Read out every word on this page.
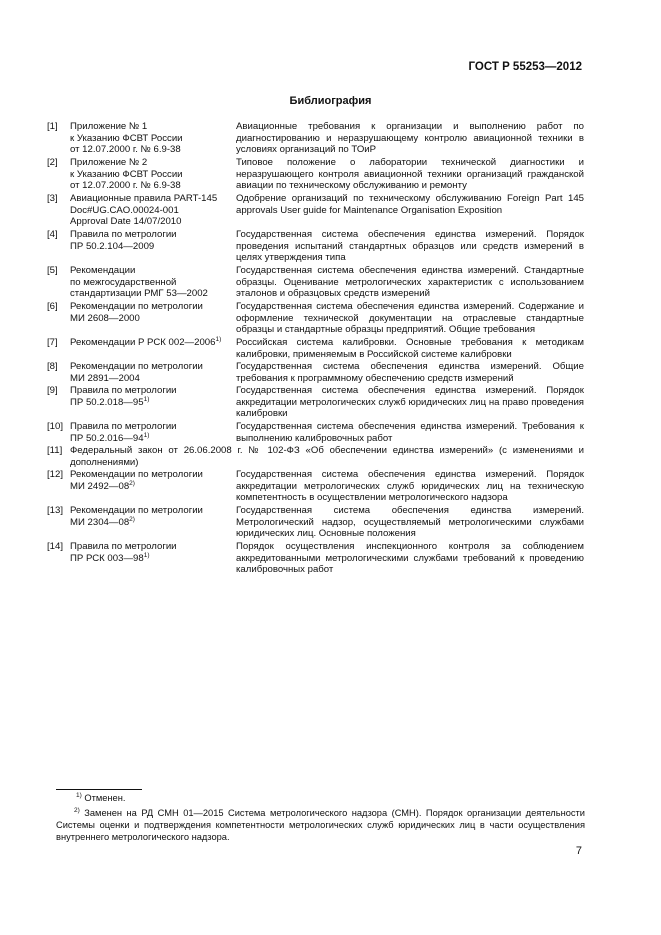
ГОСТ Р 55253—2012
Библиография
[1] Приложение № 1
к Указанию ФСВТ России
от 12.07.2000 г. № 6.9-38
Авиационные требования к организации и выполнению работ по диагностированию и неразрушающему контролю авиационной техники в условиях организаций по ТОиР
[2] Приложение № 2
к Указанию ФСВТ России
от 12.07.2000 г. № 6.9-38
Типовое положение о лаборатории технической диагностики и неразрушающего контроля авиационной техники организаций гражданской авиации по техническому обслуживанию и ремонту
[3] Авиационные правила PART-145
Doc#UG.CAO.00024-001
Approval Date 14/07/2010
Одобрение организаций по техническому обслуживанию Foreign Part 145 approvals User guide for Maintenance Organisation Exposition
[4] Правила по метрологии
ПР 50.2.104—2009
Государственная система обеспечения единства измерений. Порядок проведения испытаний стандартных образцов или средств измерений в целях утверждения типа
[5] Рекомендации
по межгосударственной
стандартизации РМГ 53—2002
Государственная система обеспечения единства измерений. Стандартные образцы. Оценивание метрологических характеристик с использованием эталонов и образцовых средств измерений
[6] Рекомендации по метрологии
МИ 2608—2000
Государственная система обеспечения единства измерений. Содержание и оформление технической документации на отраслевые стандартные образцы и стандартные образцы предприятий. Общие требования
[7] Рекомендации Р РСК 002—2006$^{1)}$	Российская система калибровки. Основные требования к методикам калибровки, применяемым в Российской системе калибровки
[8] Рекомендации по метрологии
МИ 2891—2004
Государственная система обеспечения единства измерений. Общие требования к программному обеспечению средств измерений
[9] Правила по метрологии
ПР 50.2.018—95$^{1)}$
Государственная система обеспечения единства измерений. Порядок аккредитации метрологических служб юридических лиц на право проведения калибровки
[10] Правила по метрологии
ПР 50.2.016—94$^{1)}$
Государственная система обеспечения единства измерений. Требования к выполнению калибровочных работ
[11] Федеральный закон от 26.06.2008 г. № 102-ФЗ «Об обеспечении единства измерений» (с изменениями и дополнениями)
[12] Рекомендации по метрологии
МИ 2492—08$^{2)}$
Государственная система обеспечения единства измерений. Порядок аккредитации метрологических служб юридических лиц на техническую компетентность в осуществлении метрологического надзора
[13] Рекомендации по метрологии
МИ 2304—08$^{2)}$
Государственная система обеспечения единства измерений. Метрологический надзор, осуществляемый метрологическими службами юридических лиц. Основные положения
[14] Правила по метрологии
ПР РСК 003—98$^{1)}$
Порядок осуществления инспекционного контроля за соблюдением аккредитованными метрологическими службами требований к проведению калибровочных работ
$^{1)}$ Отменен.
$^{2)}$ Заменен на РД СМН 01—2015 Система метрологического надзора (СМН). Порядок организации деятельности Системы оценки и подтверждения компетентности метрологических служб юридических лиц в части осуществления внутреннего метрологического надзора.
7
